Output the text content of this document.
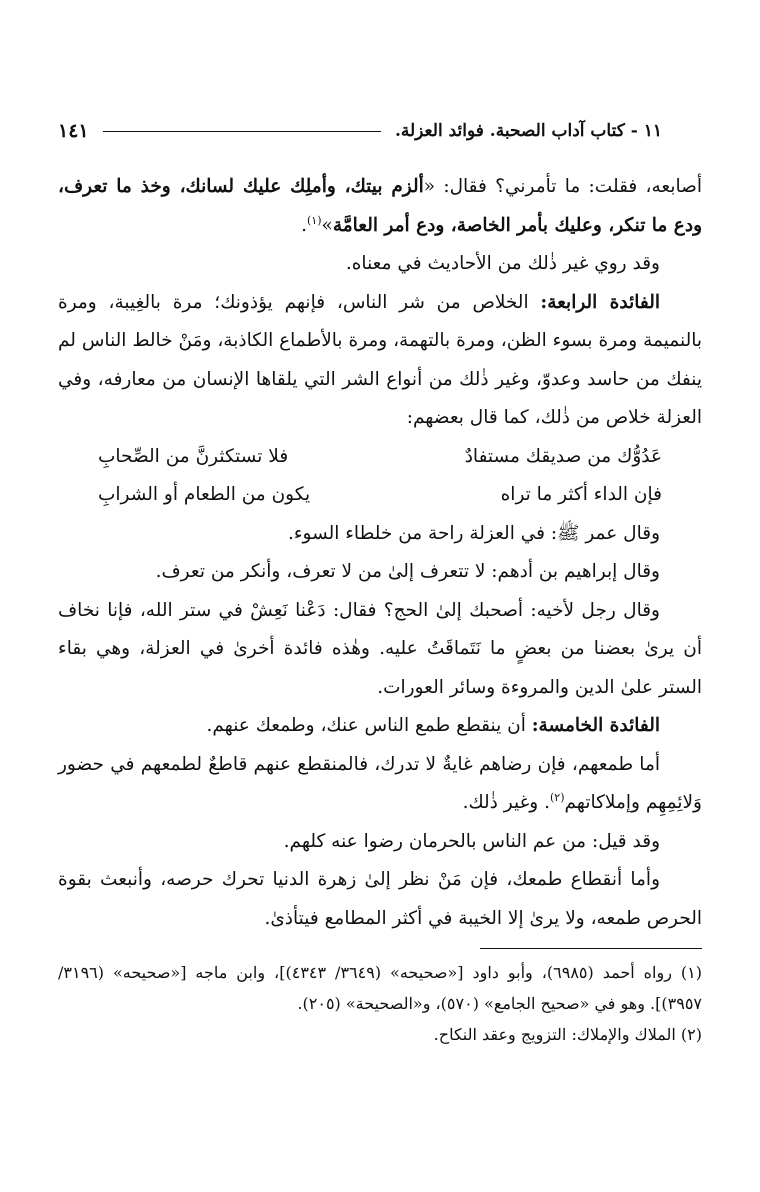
١١ - كتاب آداب الصحبة. فوائد العزلة.
١٤١

أصابعه، فقلت: ما تأمرني؟ فقال: «ألزم بيتك، وأملِك عليك لسانك، وخذ ما تعرف، ودع ما تنكر، وعليك بأمر الخاصة، ودع أمر العامَّة»$^{(١)}$.

وقد روي غير ذٰلك من الأحاديث في معناه.

الفائدة الرابعة: الخلاص من شر الناس، فإنهم يؤذونك؛ مرة بالغِيبة، ومرة بالنميمة ومرة بسوء الظن، ومرة بالتهمة، ومرة بالأطماع الكاذبة، ومَنْ خالط الناس لم ينفك من حاسد وعدوّ، وغير ذٰلك من أنواع الشر التي يلقاها الإنسان من معارفه، وفي العزلة خلاص من ذٰلك، كما قال بعضهم:

عَدُوُّك من صديقك مستفادٌ
فلا تستكثرنَّ من الصِّحابِ
فإن الداء أكثر ما تراه
يكون من الطعام أو الشرابِ

وقال عمر ﷺ: في العزلة راحة من خلطاء السوء.

وقال إبراهيم بن أدهم: لا تتعرف إلىٰ من لا تعرف، وأنكر من تعرف.

وقال رجل لأخيه: أصحبك إلىٰ الحج؟ فقال: دَعْنا نَعِشْ في ستر الله، فإنا نخاف أن يرىٰ بعضنا من بعضٍ ما نَتَماقَتُ عليه. وهٰذه فائدة أخرىٰ في العزلة، وهي بقاء الستر علىٰ الدين والمروءة وسائر العورات.

الفائدة الخامسة: أن ينقطع طمع الناس عنك، وطمعك عنهم.

أما طمعهم، فإن رضاهم غايةٌ لا تدرك، فالمنقطع عنهم قاطعٌ لطمعهم في حضور وَلائِمِهِم وإملاكاتهم$^{(٢)}$. وغير ذٰلك.

وقد قيل: من عم الناس بالحرمان رضوا عنه كلهم.

وأما أنقطاع طمعك، فإن مَنْ نظر إلىٰ زهرة الدنيا تحرك حرصه، وأنبعث بقوة الحرص طمعه، ولا يرىٰ إلا الخيبة في أكثر المطامع فيتأذىٰ.

(١) رواه أحمد (٦٩٨٥)، وأبو داود [«صحيحه» (٣٦٤٩/ ٤٣٤٣)]، وابن ماجه [«صحيحه» (٣١٩٦/ ٣٩٥٧)]. وهو في «صحيح الجامع» (٥٧٠)، و«الصحيحة» (٢٠٥).

(٢) الملاك والإملاك: التزويج وعقد النكاح.
